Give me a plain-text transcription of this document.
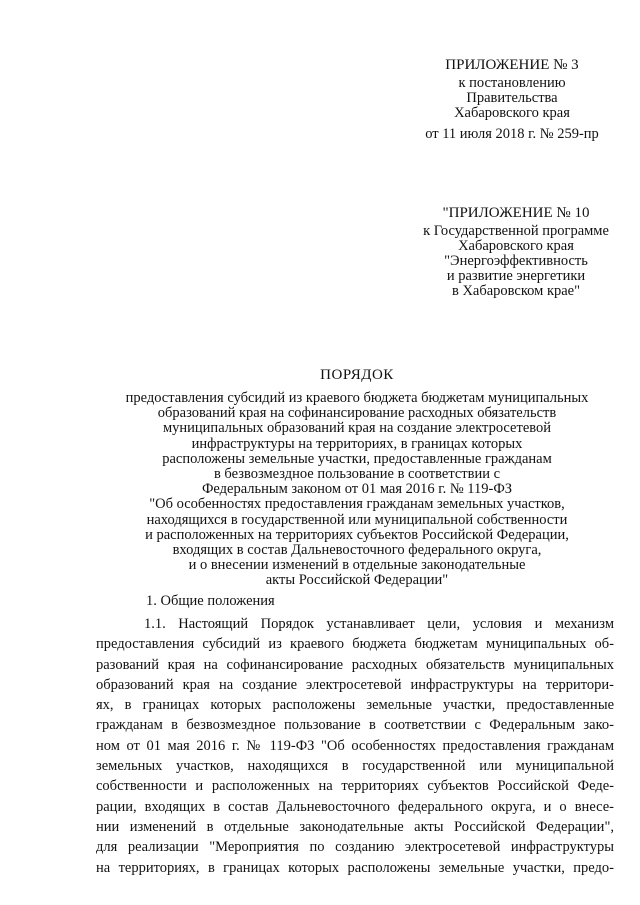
ПРИЛОЖЕНИЕ № 3
к постановлению
Правительства
Хабаровского края
от 11 июля 2018 г. № 259-пр
"ПРИЛОЖЕНИЕ № 10
к Государственной программе
Хабаровского края
"Энергоэффективность
и развитие энергетики
в Хабаровском крае"
ПОРЯДОК
предоставления субсидий из краевого бюджета бюджетам муниципальных
образований края на софинансирование расходных обязательств
муниципальных образований края на создание электросетевой
инфраструктуры на территориях, в границах которых
расположены земельные участки, предоставленные гражданам
в безвозмездное пользование в соответствии с
Федеральным законом от 01 мая 2016 г. № 119-ФЗ
"Об особенностях предоставления гражданам земельных участков,
находящихся в государственной или муниципальной собственности
и расположенных на территориях субъектов Российской Федерации,
входящих в состав Дальневосточного федерального округа,
и о внесении изменений в отдельные законодательные
акты Российской Федерации"
1. Общие положения
1.1. Настоящий Порядок устанавливает цели, условия и механизм
предоставления субсидий из краевого бюджета бюджетам муниципальных об-
разований края на софинансирование расходных обязательств муниципальных
образований края на создание электросетевой инфраструктуры на территори-
ях, в границах которых расположены земельные участки, предоставленные
гражданам в безвозмездное пользование в соответствии с Федеральным зако-
ном от 01 мая 2016 г. № 119-ФЗ "Об особенностях предоставления гражданам
земельных участков, находящихся в государственной или муниципальной
собственности и расположенных на территориях субъектов Российской Феде-
рации, входящих в состав Дальневосточного федерального округа, и о внесе-
нии изменений в отдельные законодательные акты Российской Федерации",
для реализации "Мероприятия по созданию электросетевой инфраструктуры
на территориях, в границах которых расположены земельные участки, предо-
